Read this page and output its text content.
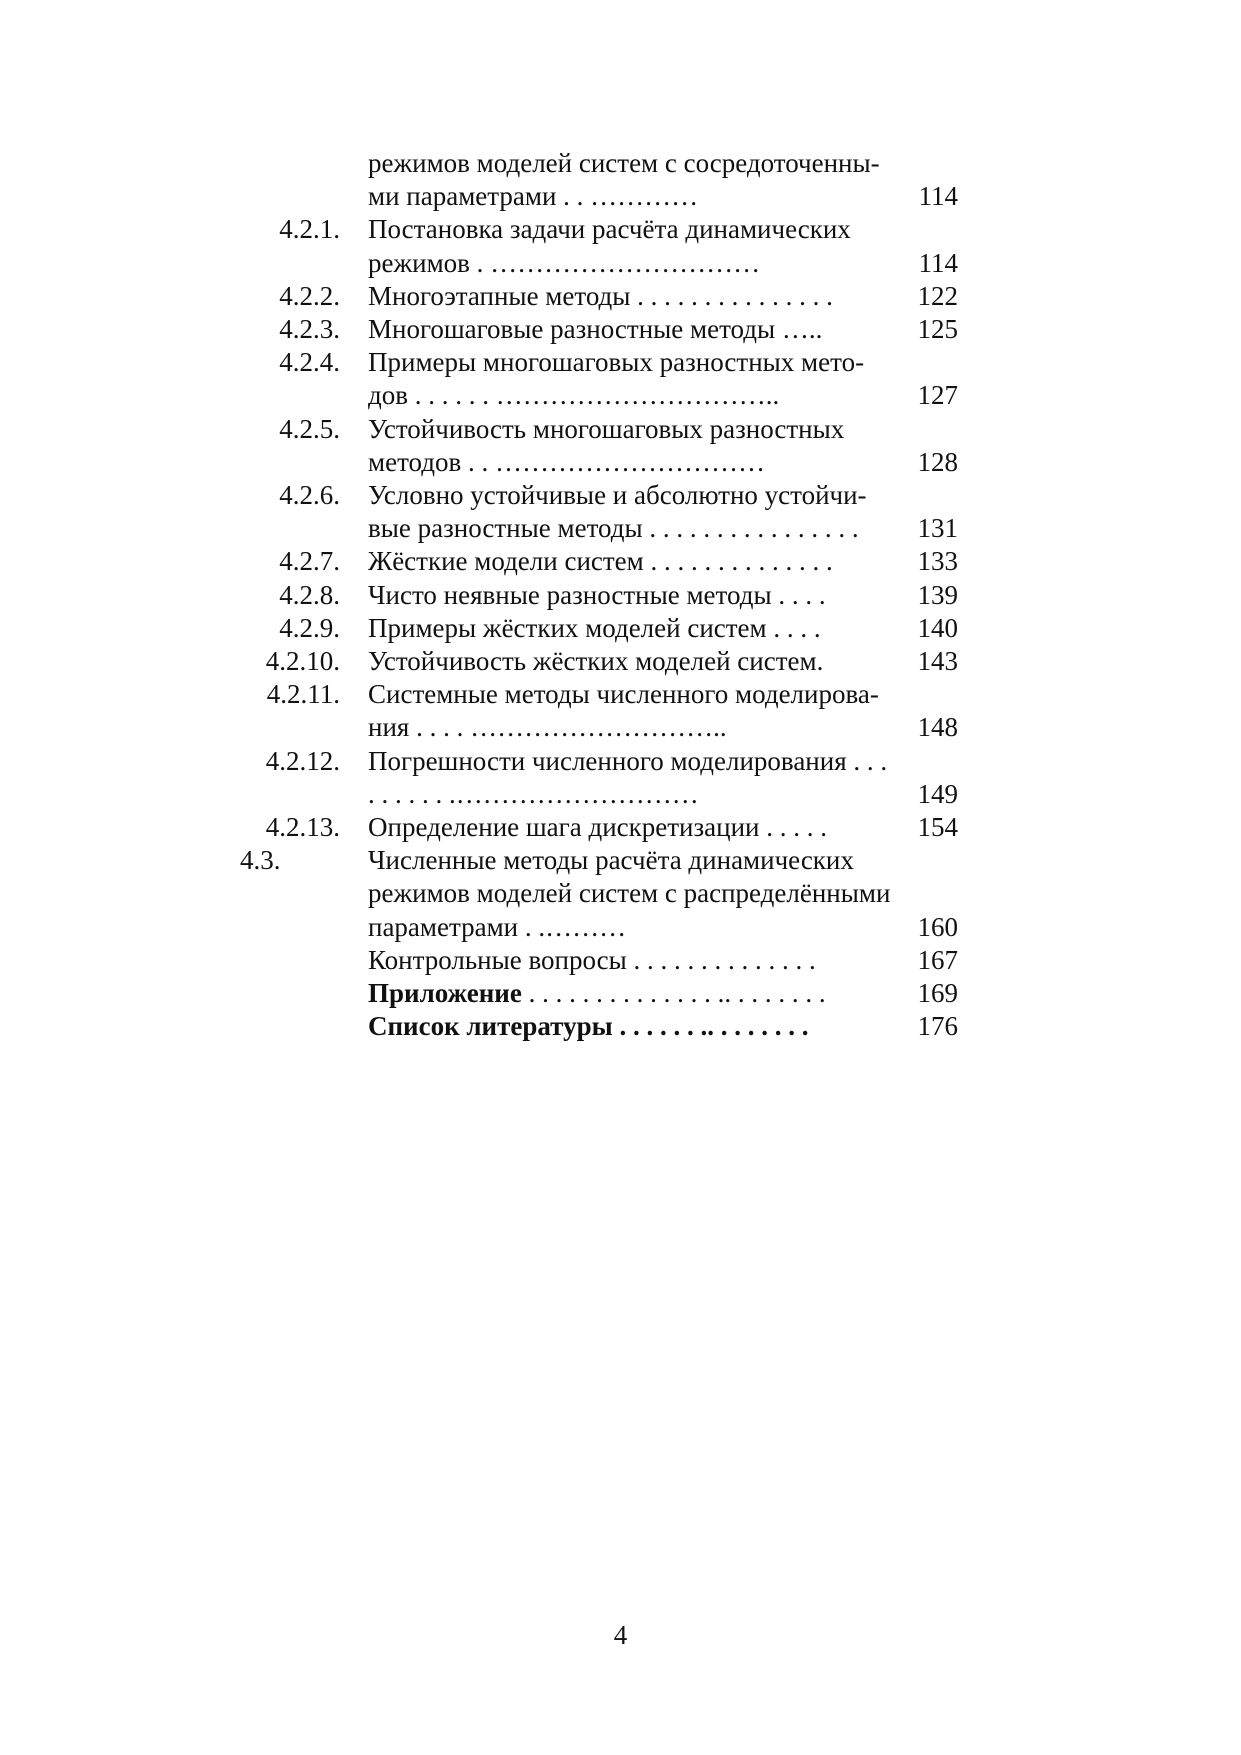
режимов моделей систем с сосредоточенны-
ми параметрами . . …………	114
4.2.1.	Постановка задачи расчёта динамических
режимов . …………………………	114
4.2.2.	Многоэтапные методы . . . . . . . . . . . . . . .	122
4.2.3.	Многошаговые разностные методы …..	125
4.2.4.	Примеры многошаговых разностных мето-
дов . . . . . . …………………………..	127
4.2.5.	Устойчивость многошаговых разностных
методов . . …………………………	128
4.2.6.	Условно устойчивые и абсолютно устойчи-
вые разностные методы . . . . . . . . . . . . . . . .	131
4.2.7.	Жёсткие модели систем . . . . . . . . . . . . . .	133
4.2.8.	Чисто неявные разностные методы . . . .	139
4.2.9.	Примеры жёстких моделей систем . . . .	140
4.2.10.	Устойчивость жёстких моделей систем.	143
4.2.11.	Системные методы численного моделирова-
ния . . . . ………………………..	148
4.2.12.	Погрешности численного моделирования . . .
. . . . . . .………………………	149
4.2.13.	Определение шага дискретизации . . . . .	154
4.3.	Численные методы расчёта динамических
режимов моделей систем с распределёнными
параметрами . .………	160
Контрольные вопросы . . . . . . . . . . . . . .	167
Приложение . . . . . . . . . . . . . . .. . . . . . . .	169
Список литературы . . . . . . .. . . . . . . .	176
4
